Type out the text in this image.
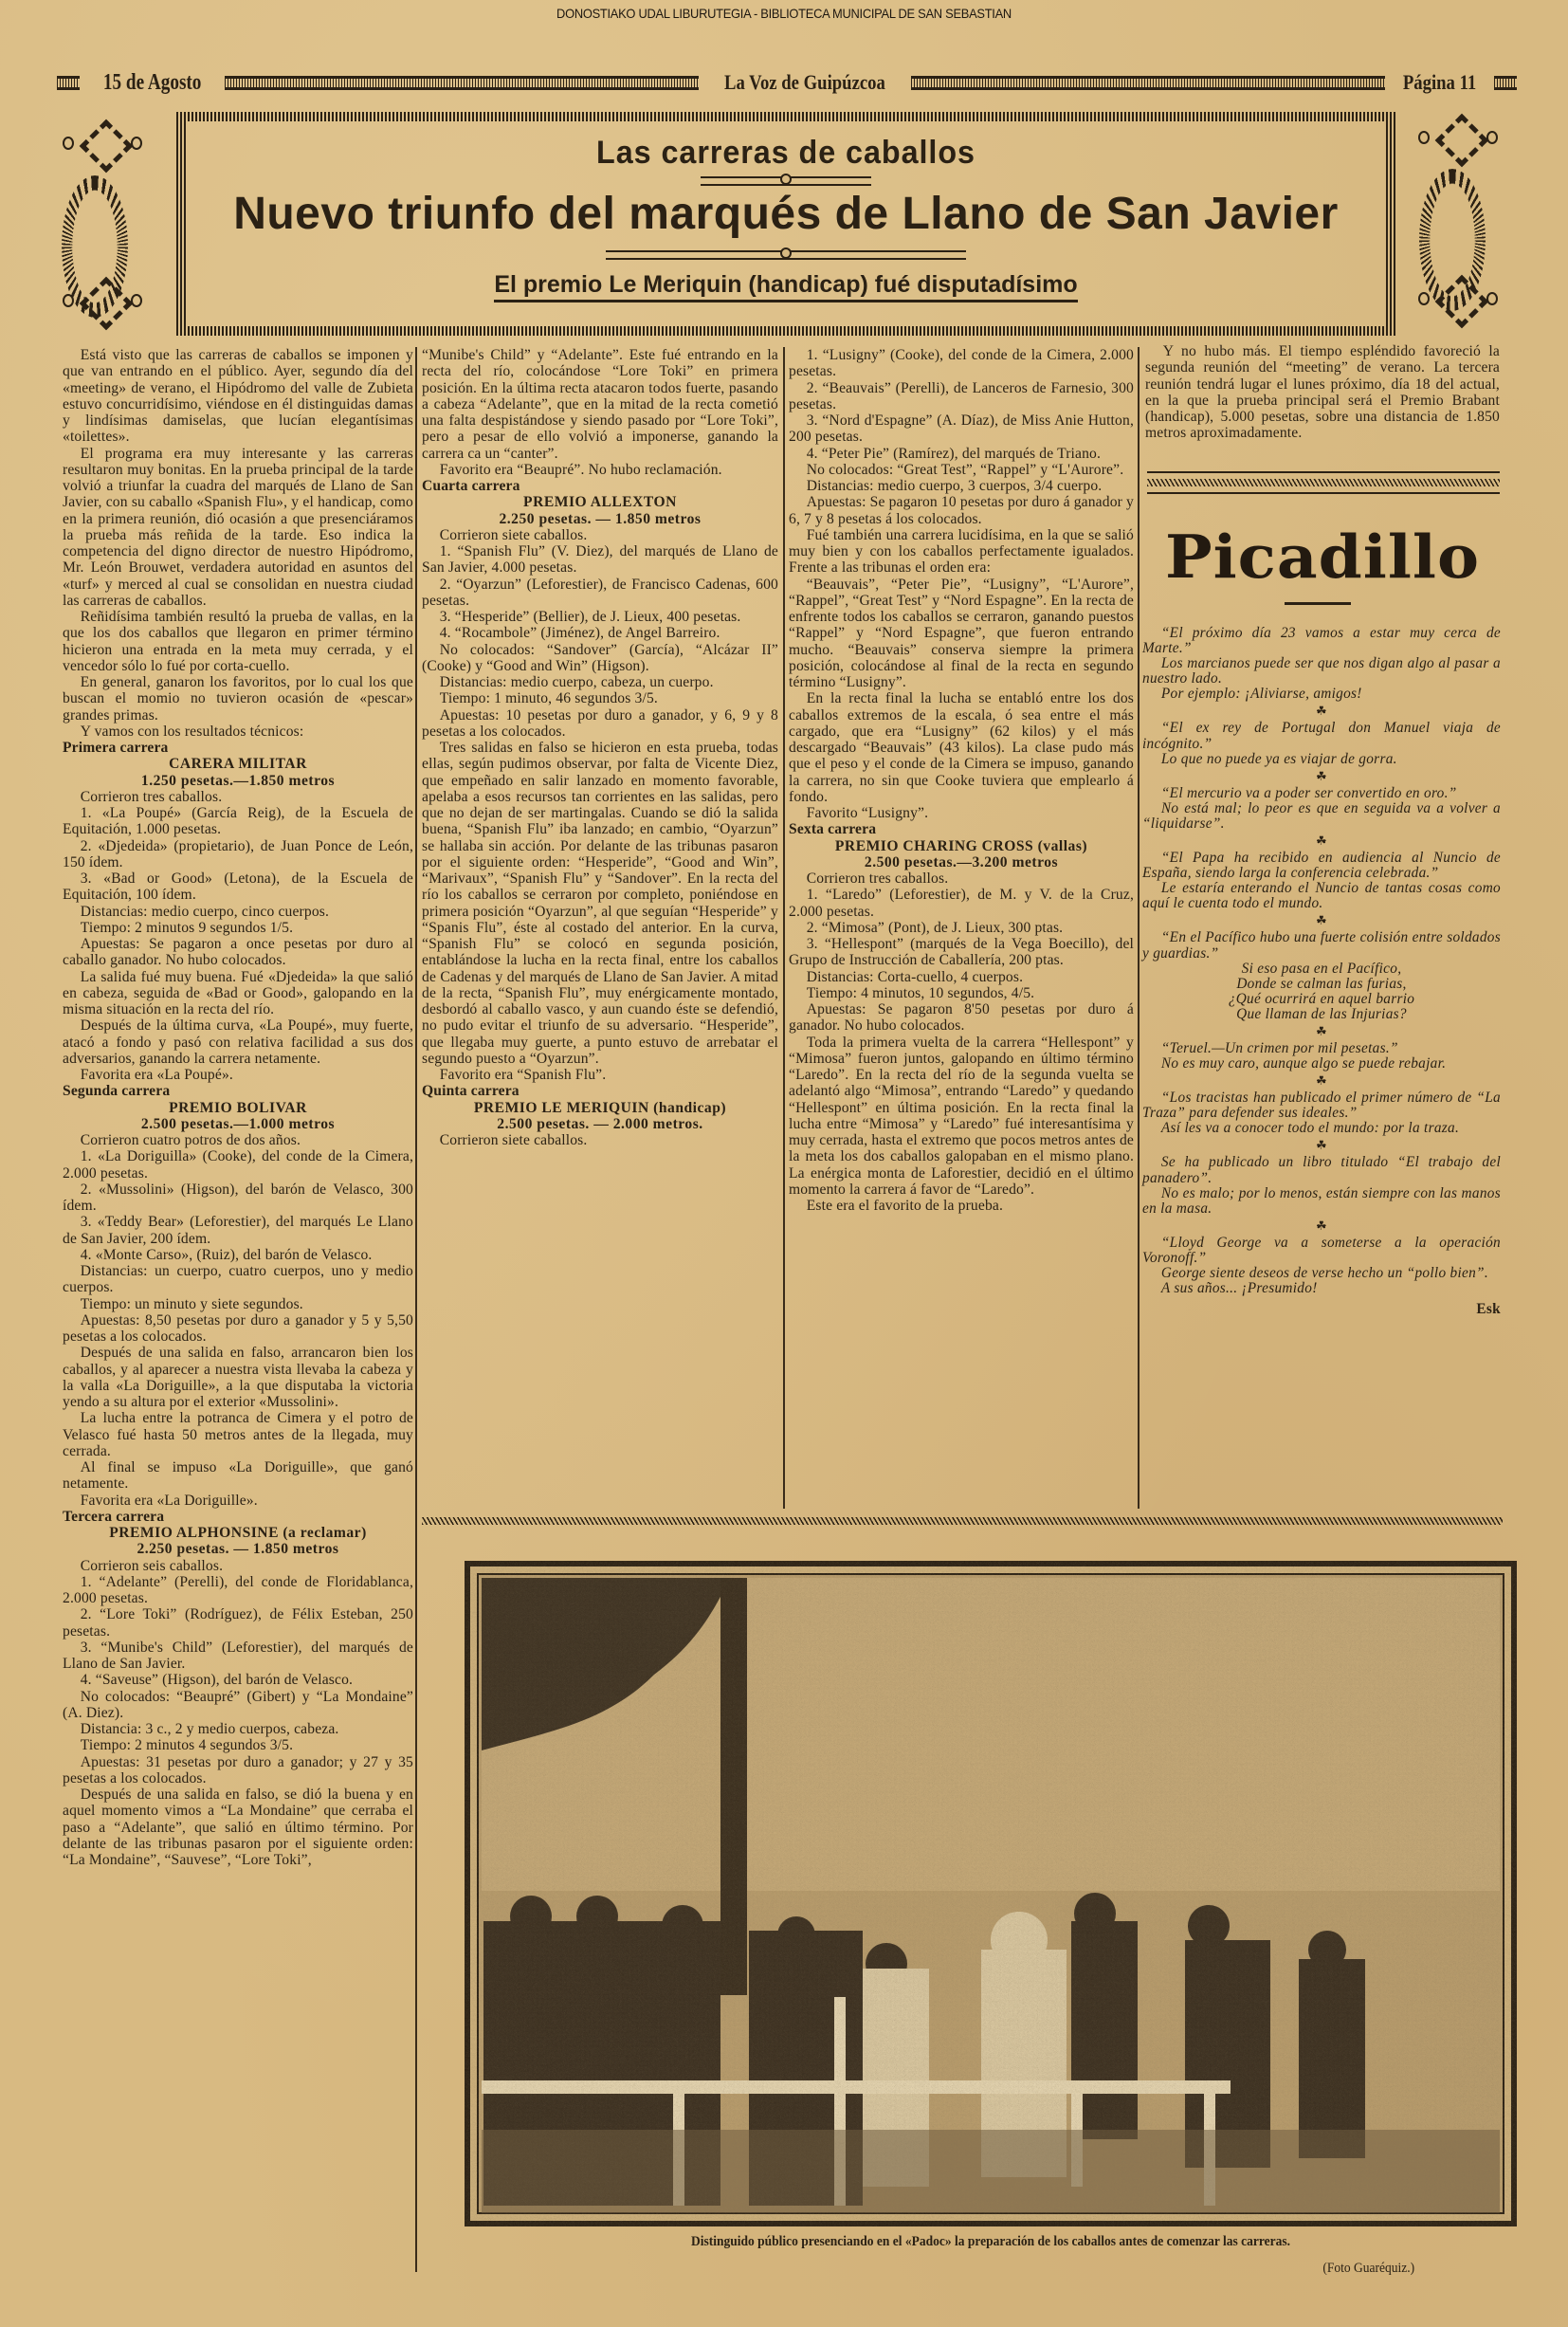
DONOSTIAKO UDAL LIBURUTEGIA - BIBLIOTECA MUNICIPAL DE SAN SEBASTIAN
15 de Agosto	La Voz de Guipúzcoa	Página 11
Las carreras de caballos
Nuevo triunfo del marqués de Llano de San Javier
El premio Le Meriquin (handicap) fué disputadísimo

Está visto que las carreras de caballos se imponen y que van entrando en el público. Ayer, segundo día del «meeting» de verano, el Hipódromo del valle de Zubieta estuvo concurridísimo, viéndose en él distinguidas damas y lindísimas damiselas, que lucían elegantísimas «toilettes».

El programa era muy interesante y las carreras resultaron muy bonitas. En la prueba principal de la tarde volvió a triunfar la cuadra del marqués de Llano de San Javier, con su caballo «Spanish Flu», y el handicap, como en la primera reunión, dió ocasión a que presenciáramos la prueba más reñida de la tarde. Eso indica la competencia del digno director de nuestro Hipódromo, Mr. León Brouwet, verdadera autoridad en asuntos del «turf» y merced al cual se consolidan en nuestra ciudad las carreras de caballos.

Reñidísima también resultó la prueba de vallas, en la que los dos caballos que llegaron en primer término hicieron una entrada en la meta muy cerrada, y el vencedor sólo lo fué por corta-cuello.

En general, ganaron los favoritos, por lo cual los que buscan el momio no tuvieron ocasión de «pescar» grandes primas.

Y vamos con los resultados técnicos:

Primera carrera
CARERA MILITAR
1.250 pesetas.—1.850 metros

Corrieron tres caballos.

1. «La Poupé» (García Reig), de la Escuela de Equitación, 1.000 pesetas.

2. «Djedeida» (propietario), de Juan Ponce de León, 150 ídem.

3. «Bad or Good» (Letona), de la Escuela de Equitación, 100 ídem.

Distancias: medio cuerpo, cinco cuerpos.

Tiempo: 2 minutos 9 segundos 1/5.

Apuestas: Se pagaron a once pesetas por duro al caballo ganador. No hubo colocados.

La salida fué muy buena. Fué «Djedeida» la que salió en cabeza, seguida de «Bad or Good», galopando en la misma situación en la recta del río.

Después de la última curva, «La Poupé», muy fuerte, atacó a fondo y pasó con relativa facilidad a sus dos adversarios, ganando la carrera netamente.

Favorita era «La Poupé».

Segunda carrera
PREMIO BOLIVAR
2.500 pesetas.—1.000 metros

Corrieron cuatro potros de dos años.

1. «La Doriguilla» (Cooke), del conde de la Cimera, 2.000 pesetas.

2. «Mussolini» (Higson), del barón de Velasco, 300 ídem.

3. «Teddy Bear» (Leforestier), del marqués Le Llano de San Javier, 200 ídem.

4. «Monte Carso», (Ruiz), del barón de Velasco.

Distancias: un cuerpo, cuatro cuerpos, uno y medio cuerpos.

Tiempo: un minuto y siete segundos.

Apuestas: 8,50 pesetas por duro a ganador y 5 y 5,50 pesetas a los colocados.

Después de una salida en falso, arrancaron bien los caballos, y al aparecer a nuestra vista llevaba la cabeza y la valla «La Doriguille», a la que disputaba la victoria yendo a su altura por el exterior «Mussolini».

La lucha entre la potranca de Cimera y el potro de Velasco fué hasta 50 metros antes de la llegada, muy cerrada.

Al final se impuso «La Doriguille», que ganó netamente.

Favorita era «La Doriguille».

Tercera carrera
PREMIO ALPHONSINE (a reclamar)
2.250 pesetas. — 1.850 metros

Corrieron seis caballos.

1. “Adelante” (Perelli), del conde de Floridablanca, 2.000 pesetas.

2. “Lore Toki” (Rodríguez), de Félix Esteban, 250 pesetas.

3. “Munibe's Child” (Leforestier), del marqués de Llano de San Javier.

4. “Saveuse” (Higson), del barón de Velasco.

No colocados: “Beaupré” (Gibert) y “La Mondaine” (A. Diez).

Distancia: 3 c., 2 y medio cuerpos, cabeza.

Tiempo: 2 minutos 4 segundos 3/5.

Apuestas: 31 pesetas por duro a ganador; y 27 y 35 pesetas a los colocados.

Después de una salida en falso, se dió la buena y en aquel momento vimos a “La Mondaine” que cerraba el paso a “Adelante”, que salió en último término. Por delante de las tribunas pasaron por el siguiente orden: “La Mondaine”, “Sauvese”, “Lore Toki”,

“Munibe's Child” y “Adelante”. Este fué entrando en la recta del río, colocándose “Lore Toki” en primera posición. En la última recta atacaron todos fuerte, pasando a cabeza “Adelante”, que en la mitad de la recta cometió una falta despistándose y siendo pasado por “Lore Toki”, pero a pesar de ello volvió a imponerse, ganando la carrera ca un “canter”.

Favorito era “Beaupré”. No hubo reclamación.

Cuarta carrera
PREMIO ALLEXTON
2.250 pesetas. — 1.850 metros

Corrieron siete caballos.

1. “Spanish Flu” (V. Diez), del marqués de Llano de San Javier, 4.000 pesetas.

2. “Oyarzun” (Leforestier), de Francisco Cadenas, 600 pesetas.

3. “Hesperide” (Bellier), de J. Lieux, 400 pesetas.

4. “Rocambole” (Jiménez), de Angel Barreiro.

No colocados: “Sandover” (García), “Alcázar II” (Cooke) y “Good and Win” (Higson).

Distancias: medio cuerpo, cabeza, un cuerpo.

Tiempo: 1 minuto, 46 segundos 3/5.

Apuestas: 10 pesetas por duro a ganador, y 6, 9 y 8 pesetas a los colocados.

Tres salidas en falso se hicieron en esta prueba, todas ellas, según pudimos observar, por falta de Vicente Diez, que empeñado en salir lanzado en momento favorable, apelaba a esos recursos tan corrientes en las salidas, pero que no dejan de ser martingalas. Cuando se dió la salida buena, “Spanish Flu” iba lanzado; en cambio, “Oyarzun” se hallaba sin acción. Por delante de las tribunas pasaron por el siguiente orden: “Hesperide”, “Good and Win”, “Marivaux”, “Spanish Flu” y “Sandover”. En la recta del río los caballos se cerraron por completo, poniéndose en primera posición “Oyarzun”, al que seguían “Hesperide” y “Spanis Flu”, éste al costado del anterior. En la curva, “Spanish Flu” se colocó en segunda posición, entablándose la lucha en la recta final, entre los caballos de Cadenas y del marqués de Llano de San Javier. A mitad de la recta, “Spanish Flu”, muy enérgicamente montado, desbordó al caballo vasco, y aun cuando éste se defendió, no pudo evitar el triunfo de su adversario. “Hesperide”, que llegaba muy guerte, a punto estuvo de arrebatar el segundo puesto a “Oyarzun”.

Favorito era “Spanish Flu”.

Quinta carrera
PREMIO LE MERIQUIN (handicap)
2.500 pesetas. — 2.000 metros.

Corrieron siete caballos.

1. “Lusigny” (Cooke), del conde de la Cimera, 2.000 pesetas.

2. “Beauvais” (Perelli), de Lanceros de Farnesio, 300 pesetas.

3. “Nord d'Espagne” (A. Díaz), de Miss Anie Hutton, 200 pesetas.

4. “Peter Pie” (Ramírez), del marqués de Triano.

No colocados: “Great Test”, “Rappel” y “L'Aurore”.

Distancias: medio cuerpo, 3 cuerpos, 3/4 cuerpo.

Apuestas: Se pagaron 10 pesetas por duro á ganador y 6, 7 y 8 pesetas á los colocados.

Fué también una carrera lucidísima, en la que se salió muy bien y con los caballos perfectamente igualados. Frente a las tribunas el orden era:

“Beauvais”, “Peter Pie”, “Lusigny”, “L'Aurore”, “Rappel”, “Great Test” y “Nord Espagne”. En la recta de enfrente todos los caballos se cerraron, ganando puestos “Rappel” y “Nord Espagne”, que fueron entrando mucho. “Beauvais” conserva siempre la primera posición, colocándose al final de la recta en segundo término “Lusigny”.

En la recta final la lucha se entabló entre los dos caballos extremos de la escala, ó sea entre el más cargado, que era “Lusigny” (62 kilos) y el más descargado “Beauvais” (43 kilos). La clase pudo más que el peso y el conde de la Cimera se impuso, ganando la carrera, no sin que Cooke tuviera que emplearlo á fondo.

Favorito “Lusigny”.

Sexta carrera
PREMIO CHARING CROSS (vallas)
2.500 pesetas.—3.200 metros

Corrieron tres caballos.

1. “Laredo” (Leforestier), de M. y V. de la Cruz, 2.000 pesetas.

2. “Mimosa” (Pont), de J. Lieux, 300 ptas.

3. “Hellespont” (marqués de la Vega Boecillo), del Grupo de Instrucción de Caballería, 200 ptas.

Distancias: Corta-cuello, 4 cuerpos.

Tiempo: 4 minutos, 10 segundos, 4/5.

Apuestas: Se pagaron 8'50 pesetas por duro á ganador. No hubo colocados.

Toda la primera vuelta de la carrera “Hellespont” y “Mimosa” fueron juntos, galopando en último término “Laredo”. En la recta del río de la segunda vuelta se adelantó algo “Mimosa”, entrando “Laredo” y quedando “Hellespont” en última posición. En la recta final la lucha entre “Mimosa” y “Laredo” fué interesantísima y muy cerrada, hasta el extremo que pocos metros antes de la meta los dos caballos galopaban en el mismo plano. La enérgica monta de Laforestier, decidió en el último momento la carrera á favor de “Laredo”.

Este era el favorito de la prueba.

Y no hubo más. El tiempo espléndido favoreció la segunda reunión del “meeting” de verano. La tercera reunión tendrá lugar el lunes próximo, día 18 del actual, en la que la prueba principal será el Premio Brabant (handicap), 5.000 pesetas, sobre una distancia de 1.850 metros aproximadamente.

Picadillo

“El próximo día 23 vamos a estar muy cerca de Marte.”

Los marcianos puede ser que nos digan algo al pasar a nuestro lado.

Por ejemplo: ¡Aliviarse, amigos!

☘

“El ex rey de Portugal don Manuel viaja de incógnito.”

Lo que no puede ya es viajar de gorra.

☘

“El mercurio va a poder ser convertido en oro.”

No está mal; lo peor es que en seguida va a volver a “liquidarse”.

☘

“El Papa ha recibido en audiencia al Nuncio de España, siendo larga la conferencia celebrada.”

Le estaría enterando el Nuncio de tantas cosas como aquí le cuenta todo el mundo.

☘

“En el Pacífico hubo una fuerte colisión entre soldados y guardias.”

Si eso pasa en el Pacífico,

Donde se calman las furias,

¿Qué ocurrirá en aquel barrio

Que llaman de las Injurias?

☘

“Teruel.—Un crimen por mil pesetas.”

No es muy caro, aunque algo se puede rebajar.

☘

“Los tracistas han publicado el primer número de “La Traza” para defender sus ideales.”

Así les va a conocer todo el mundo: por la traza.

☘

Se ha publicado un libro titulado “El trabajo del panadero”.

No es malo; por lo menos, están siempre con las manos en la masa.

☘

“Lloyd George va a someterse a la operación Voronoff.”

George siente deseos de verse hecho un “pollo bien”.

A sus años... ¡Presumido!

Esk
Distinguido público presenciando en el «Padoc» la preparación de los caballos antes de comenzar las carreras.
(Foto Guaréquiz.)
